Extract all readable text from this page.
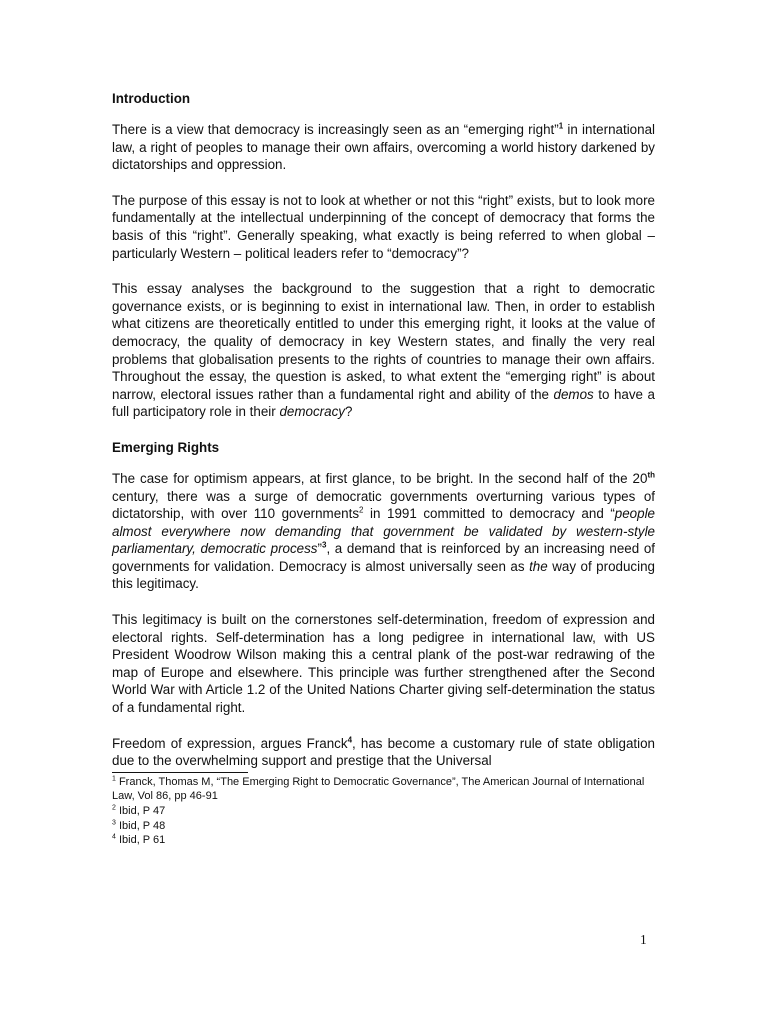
Introduction

There is a view that democracy is increasingly seen as an “emerging right”$^1$ in international law, a right of peoples to manage their own affairs, overcoming a world history darkened by dictatorships and oppression.

The purpose of this essay is not to look at whether or not this “right” exists, but to look more fundamentally at the intellectual underpinning of the concept of democracy that forms the basis of this “right”. Generally speaking, what exactly is being referred to when global – particularly Western – political leaders refer to “democracy”?

This essay analyses the background to the suggestion that a right to democratic governance exists, or is beginning to exist in international law. Then, in order to establish what citizens are theoretically entitled to under this emerging right, it looks at the value of democracy, the quality of democracy in key Western states, and finally the very real problems that globalisation presents to the rights of countries to manage their own affairs. Throughout the essay, the question is asked, to what extent the “emerging right” is about narrow, electoral issues rather than a fundamental right and ability of the demos to have a full participatory role in their democracy?

Emerging Rights

The case for optimism appears, at first glance, to be bright. In the second half of the 20th century, there was a surge of democratic governments overturning various types of dictatorship, with over 110 governments$^2$ in 1991 committed to democracy and “people almost everywhere now demanding that government be validated by western-style parliamentary, democratic process”$^3$, a demand that is reinforced by an increasing need of governments for validation. Democracy is almost universally seen as the way of producing this legitimacy.

This legitimacy is built on the cornerstones self-determination, freedom of expression and electoral rights. Self-determination has a long pedigree in international law, with US President Woodrow Wilson making this a central plank of the post-war redrawing of the map of Europe and elsewhere. This principle was further strengthened after the Second World War with Article 1.2 of the United Nations Charter giving self-determination the status of a fundamental right.

Freedom of expression, argues Franck$^4$, has become a customary rule of state obligation due to the overwhelming support and prestige that the Universal

$^1$ Franck, Thomas M, “The Emerging Right to Democratic Governance”, The American Journal of International Law, Vol 86, pp 46-91
$^2$ Ibid, P 47
$^3$ Ibid, P 48
$^4$ Ibid, P 61
1
